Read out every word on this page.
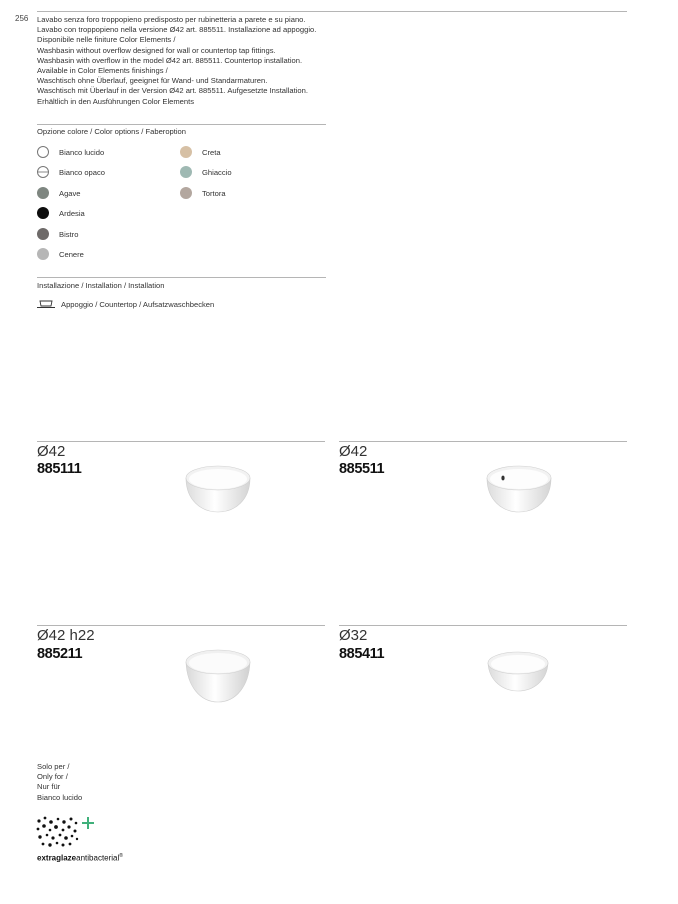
256 Lavabo senza foro troppopieno predisposto per rubinetteria a parete e su piano.
Lavabo con troppopieno nella versione Ø42 art. 885511. Installazione ad appoggio.
Disponibile nelle finiture Color Elements /
Washbasin without overflow designed for wall or countertop tap fittings.
Washbasin with overflow in the model Ø42 art. 885511. Countertop installation.
Available in Color Elements finishings /
Waschtisch ohne Überlauf, geeignet für Wand- und Standarmaturen.
Waschtisch mit Überlauf in der Version Ø42 art. 885511. Aufgesetzte Installation.
Erhältlich in den Ausführungen Color Elements
Opzione colore / Color options / Faberoption
Bianco lucido
Bianco opaco
Agave
Ardesia
Bistro
Cenere
Creta
Ghiaccio
Tortora
Installazione / Installation / Installation
Appoggio / Countertop / Aufsatzwaschbecken
Ø42
885111
Ø42
885511
Ø42 h22
885211
Ø32
885411
Solo per /
Only for /
Nur für
Bianco lucido
extraglazeantibacterial®
